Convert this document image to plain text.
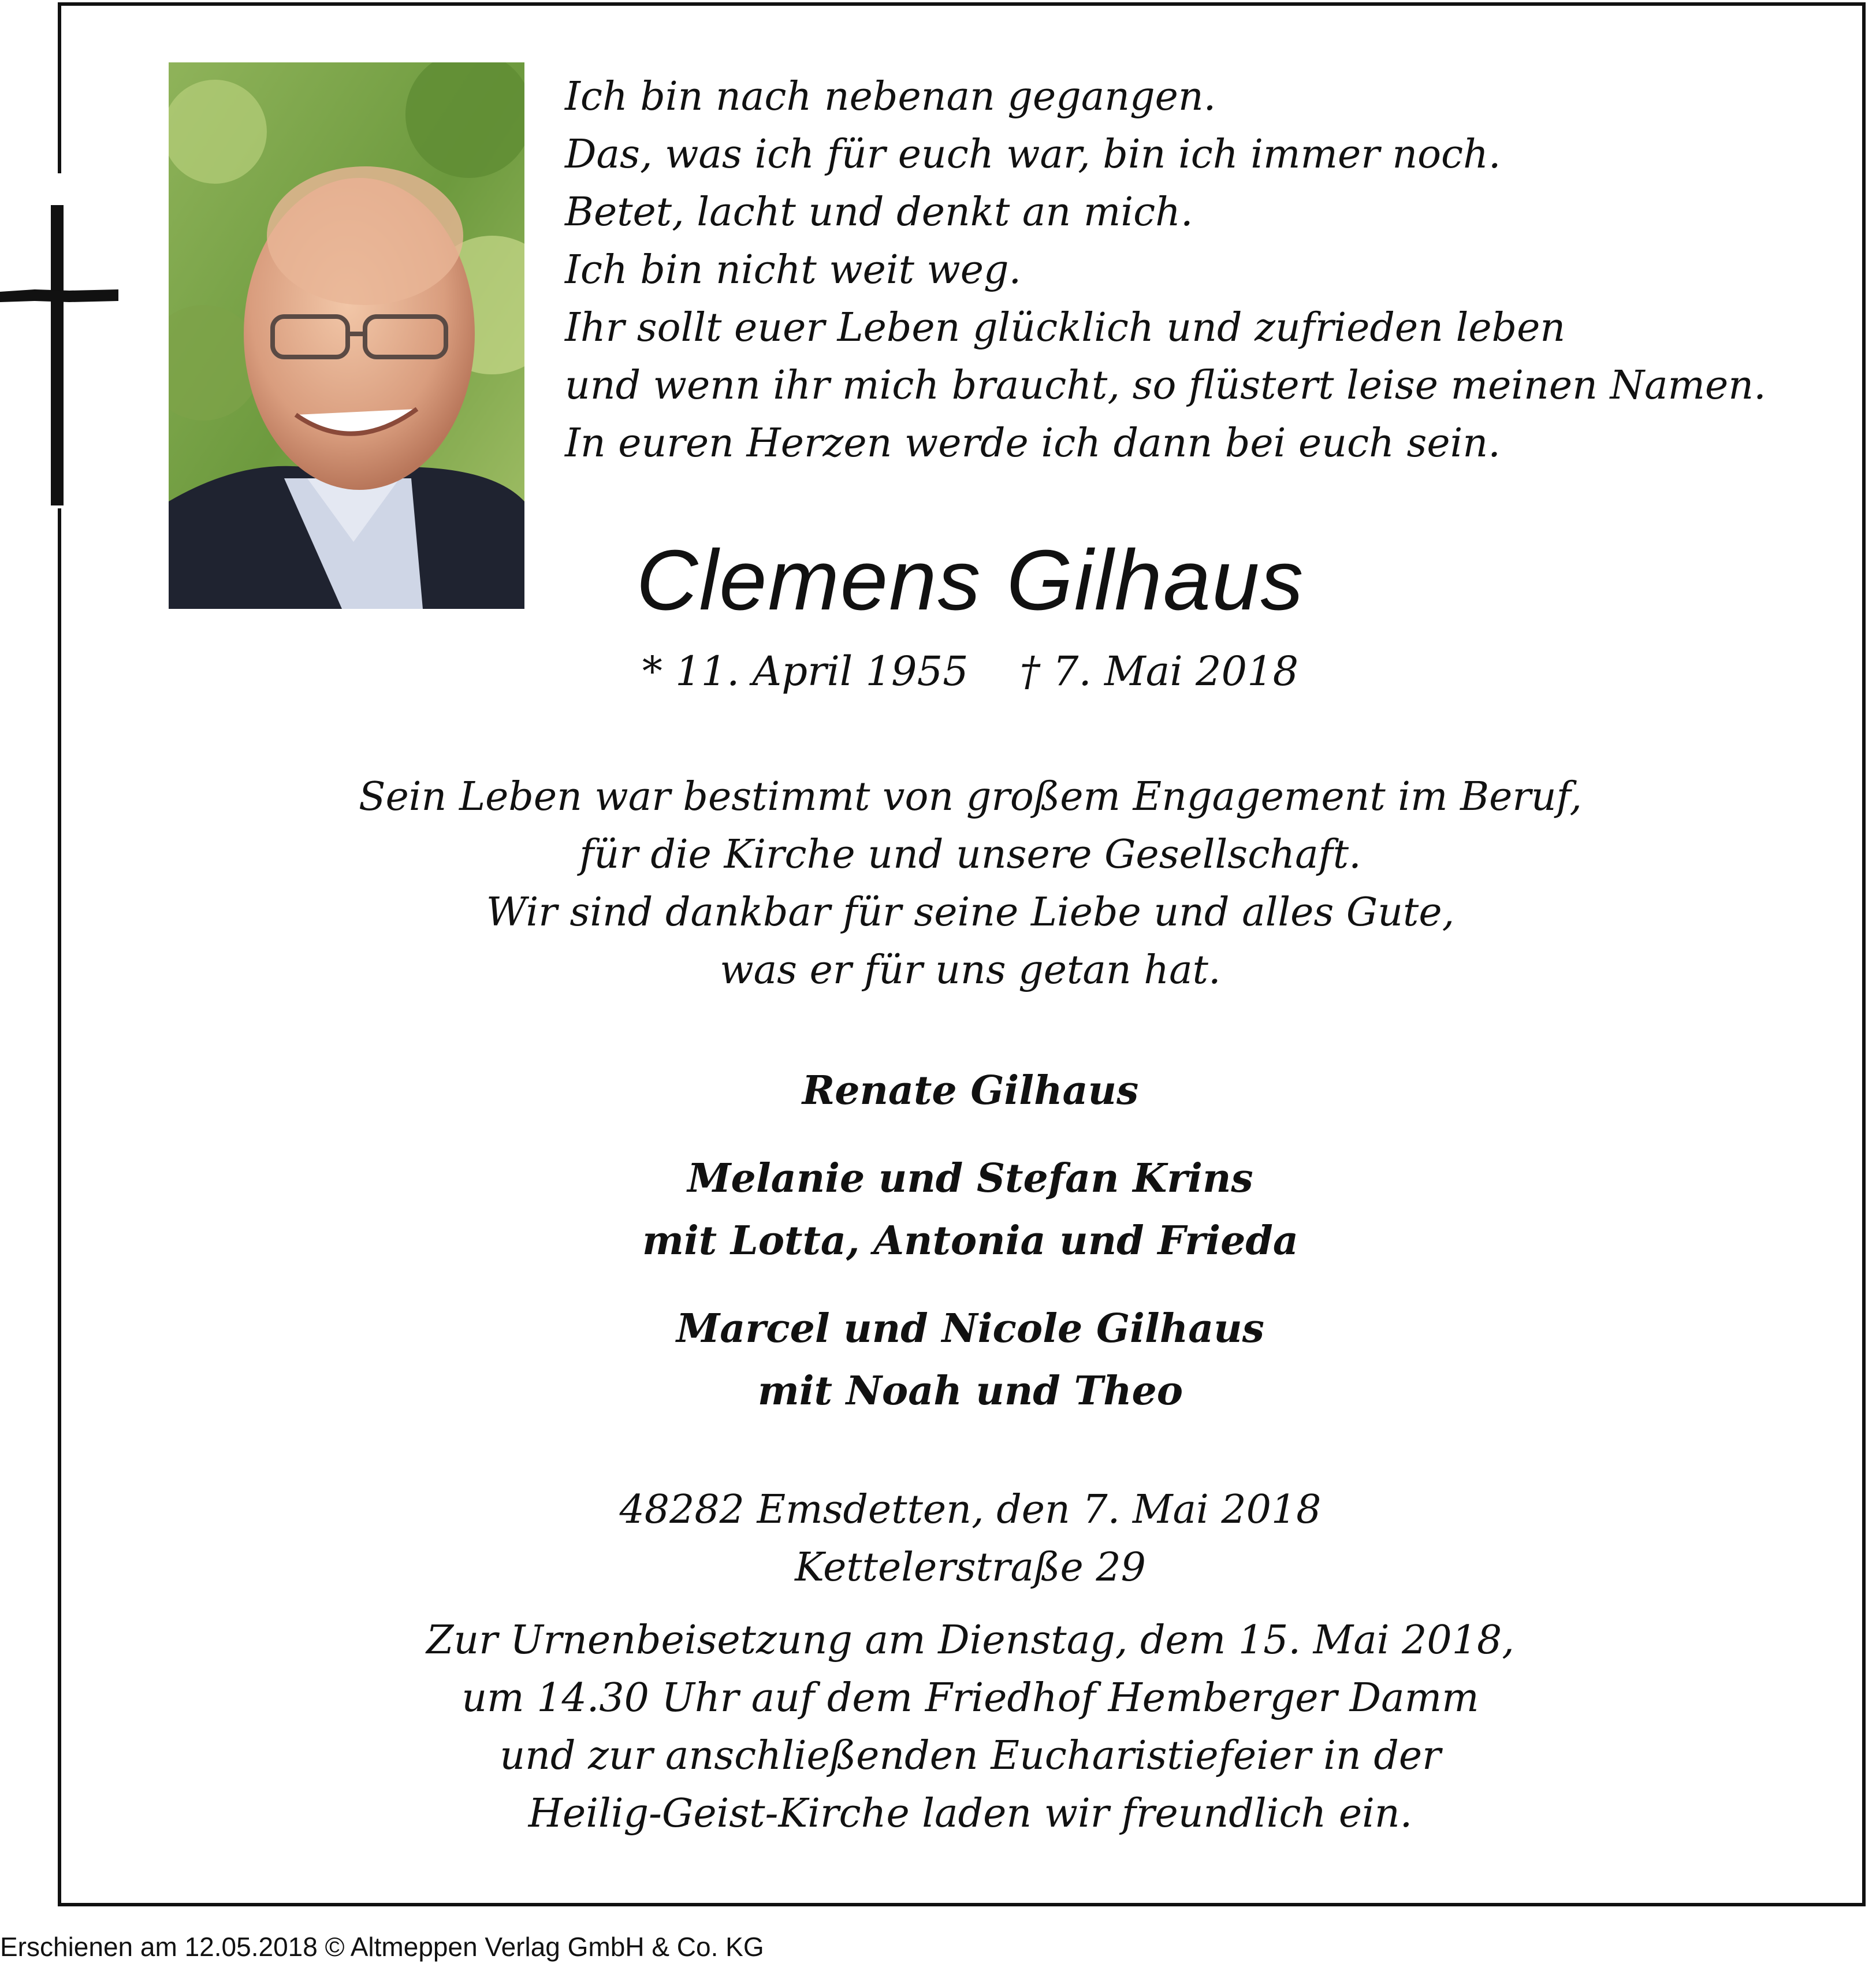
Ich bin nach nebenan gegangen.
Das, was ich für euch war, bin ich immer noch.
Betet, lacht und denkt an mich.
Ich bin nicht weit weg.
Ihr sollt euer Leben glücklich und zufrieden leben
und wenn ihr mich braucht, so flüstert leise meinen Namen.
In euren Herzen werde ich dann bei euch sein.
Clemens Gilhaus
* 11. April 1955    † 7. Mai 2018
Sein Leben war bestimmt von großem Engagement im Beruf,
für die Kirche und unsere Gesellschaft.
Wir sind dankbar für seine Liebe und alles Gute,
was er für uns getan hat.
Renate Gilhaus
Melanie und Stefan Krins
mit Lotta, Antonia und Frieda
Marcel und Nicole Gilhaus
mit Noah und Theo
48282 Emsdetten, den 7. Mai 2018
Kettelerstraße 29
Zur Urnenbeisetzung am Dienstag, dem 15. Mai 2018,
um 14.30 Uhr auf dem Friedhof Hemberger Damm
und zur anschließenden Eucharistiefeier in der
Heilig-Geist-Kirche laden wir freundlich ein.
Erschienen am 12.05.2018 © Altmeppen Verlag GmbH & Co. KG
